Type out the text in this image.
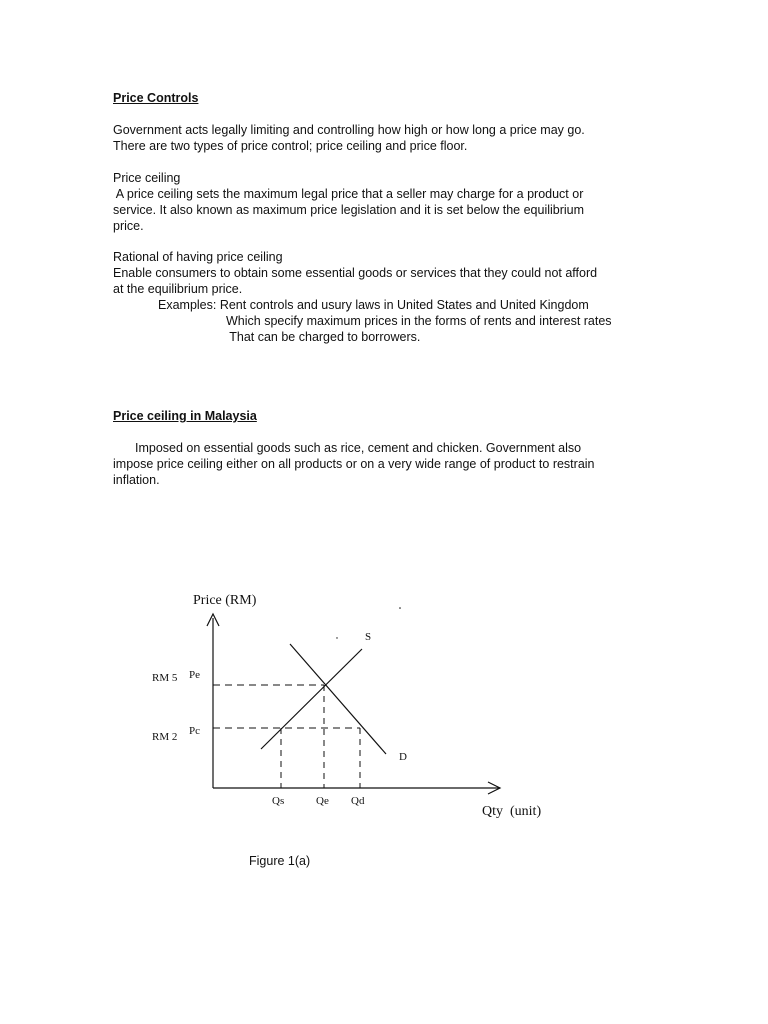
Price Controls
Government acts legally limiting and controlling how high or how long a price may go.
There are two types of price control; price ceiling and price floor.
Price ceiling
A price ceiling sets the maximum legal price that a seller may charge for a product or
service. It also known as maximum price legislation and it is set below the equilibrium
price.
Rational of having price ceiling
Enable consumers to obtain some essential goods or services that they could not afford
at the equilibrium price.
Examples: Rent controls and usury laws in United States and United Kingdom
Which specify maximum prices in the forms of rents and interest rates
That can be charged to borrowers.
Price ceiling in Malaysia
Imposed on essential goods such as rice, cement and chicken. Government also
impose price ceiling either on all products or on a very wide range of product to restrain
inflation.
Price (RM)
Qty  (unit)
S
D
RM 5 Pe
RM 2 Pc
Qs	Qe Qd
Figure 1(a)
